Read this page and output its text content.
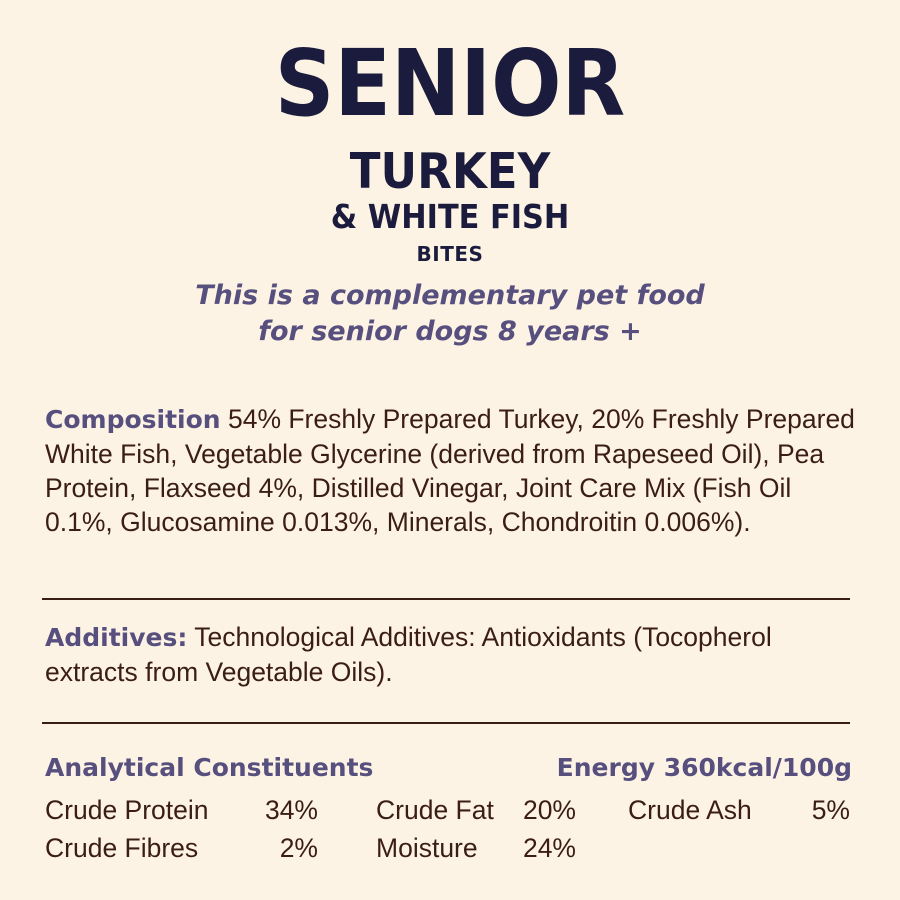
SENIOR
TURKEY
& WHITE FISH
BITES
This is a complementary pet food
for senior dogs 8 years +
Composition 54% Freshly Prepared Turkey, 20% Freshly Prepared White Fish, Vegetable Glycerine (derived from Rapeseed Oil), Pea Protein, Flaxseed 4%, Distilled Vinegar, Joint Care Mix (Fish Oil 0.1%, Glucosamine 0.013%, Minerals, Chondroitin 0.006%).
Additives: Technological Additives: Antioxidants (Tocopherol extracts from Vegetable Oils).
Analytical Constituents	Energy 360kcal/100g
Crude Protein	34% Crude Fat	20% Crude Ash	5%
Crude Fibres	2% Moisture	24%
